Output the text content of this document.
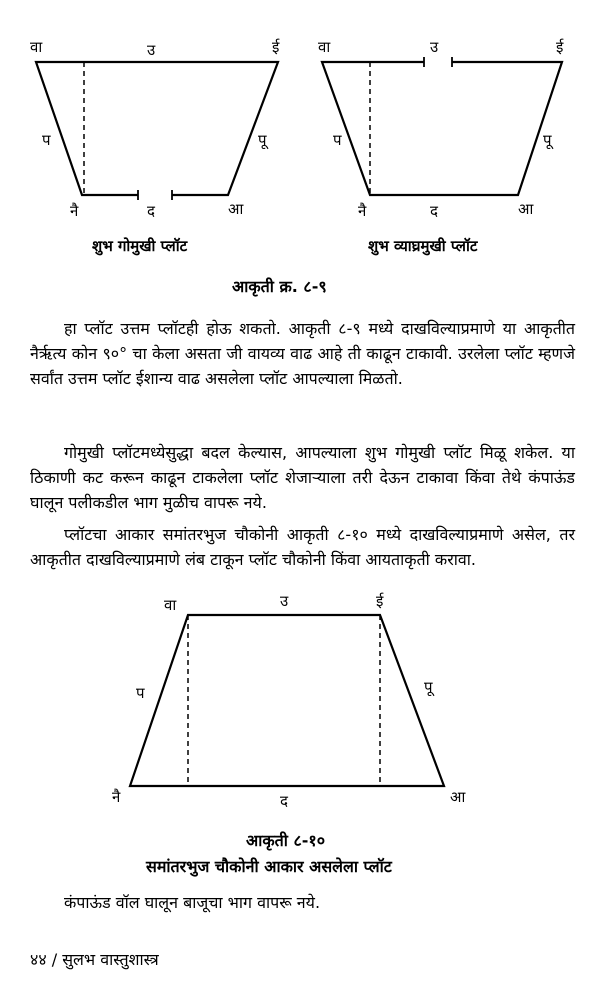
वा	उ	ई
प	पू
नै	द	आ
वा	उ	ई
प	पू
नै	द	आ
शुभ गोमुखी प्लॉट	शुभ व्याघ्रमुखी प्लॉट
आकृती क्र. ८-९

हा प्लॉट उत्तम प्लॉटही होऊ शकतो. आकृती ८-९ मध्ये दाखविल्याप्रमाणे या आकृतीत नैर्ऋत्य कोन ९०° चा केला असता जी वायव्य वाढ आहे ती काढून टाकावी. उरलेला प्लॉट म्हणजे सर्वांत उत्तम प्लॉट ईशान्य वाढ असलेला प्लॉट आपल्याला मिळतो.

गोमुखी प्लॉटमध्येसुद्धा बदल केल्यास, आपल्याला शुभ गोमुखी प्लॉट मिळू शकेल. या ठिकाणी कट करून काढून टाकलेला प्लॉट शेजाऱ्याला तरी देऊन टाकावा किंवा तेथे कंपाऊंड घालून पलीकडील भाग मुळीच वापरू नये.

प्लॉटचा आकार समांतरभुज चौकोनी आकृती ८-१० मध्ये दाखविल्याप्रमाणे असेल, तर आकृतीत दाखविल्याप्रमाणे लंब टाकून प्लॉट चौकोनी किंवा आयताकृती करावा.

वा	उ	ई
प	पू
नै	द	आ
आकृती ८-१०
समांतरभुज चौकोनी आकार असलेला प्लॉट

कंपाऊंड वॉल घालून बाजूचा भाग वापरू नये.

४४ / सुलभ वास्तुशास्त्र
